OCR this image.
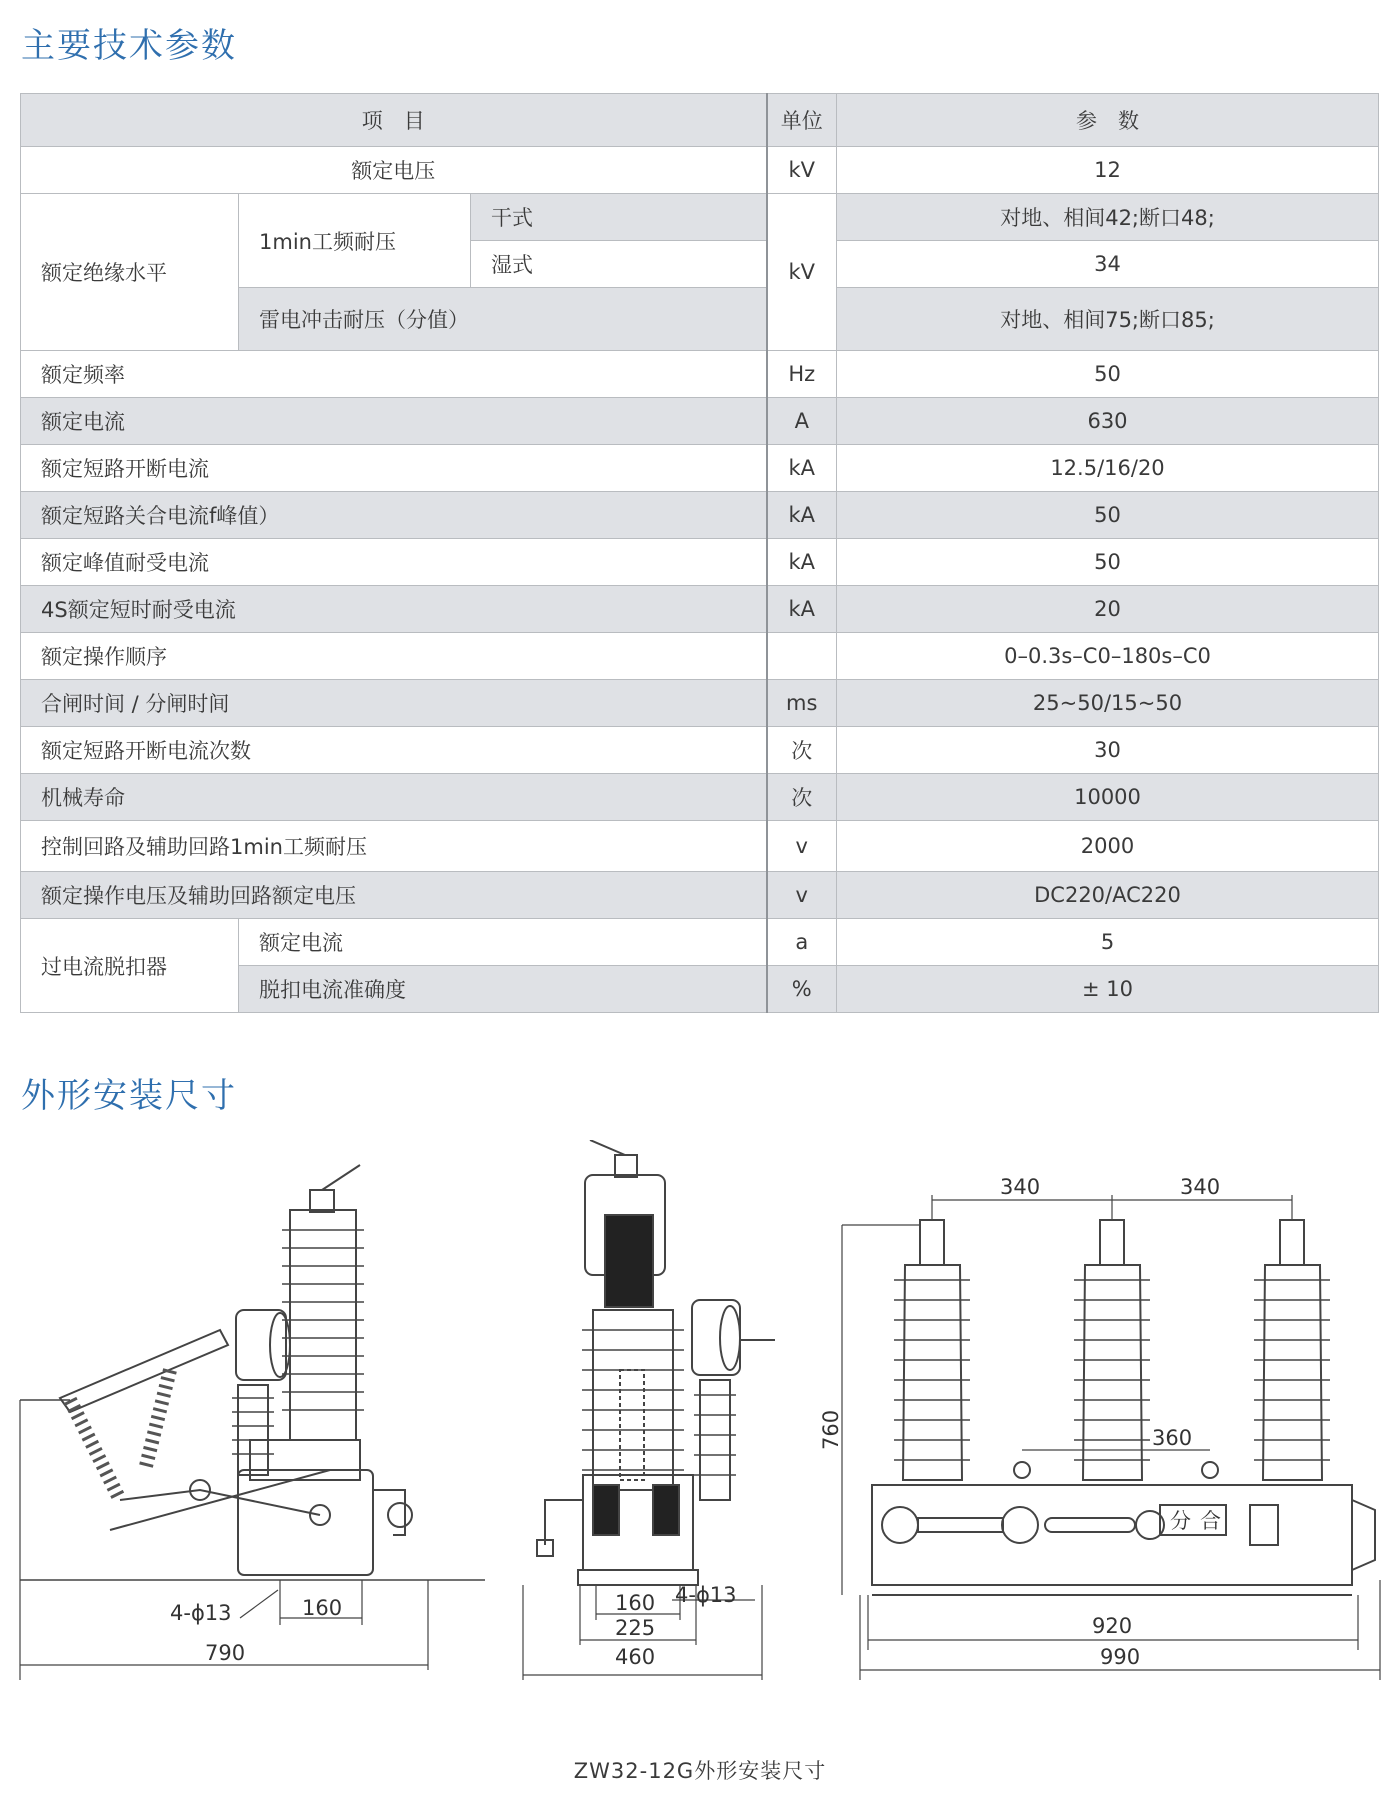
主要技术参数
项　目			单位	参　数
额定电压			kV	12
额定绝缘水平	1min工频耐压	干式	kV	对地、相间42;断口48;
		湿式		34
	雷电冲击耐压（分值）			对地、相间75;断口85;
额定频率			Hz	50
额定电流			A	630
额定短路开断电流			kA	12.5/16/20
额定短路关合电流f峰值）			kA	50
额定峰值耐受电流			kA	50
4S额定短时耐受电流			kA	20
额定操作顺序				0–0.3s–C0–180s–C0
合闸时间 / 分闸时间			ms	25~50/15~50
额定短路开断电流次数			次	30
机械寿命			次	10000
控制回路及辅助回路1min工频耐压			v	2000
额定操作电压及辅助回路额定电压			v	DC220/AC220
过电流脱扣器	额定电流		a	5
	脱扣电流准确度		%	± 10
外形安装尺寸
4-ϕ13	160
790
160 4-ϕ13
225
460
340	340
760	360
920
990
分 合
ZW32-12G外形安装尺寸
